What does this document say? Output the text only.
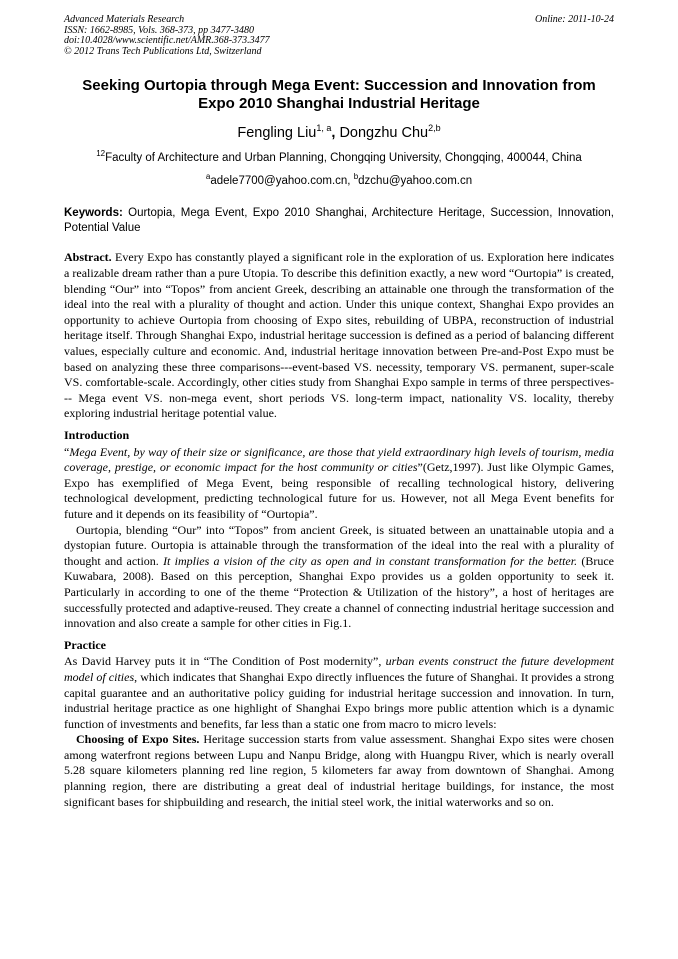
Advanced Materials Research
ISSN: 1662-8985, Vols. 368-373, pp 3477-3480
doi:10.4028/www.scientific.net/AMR.368-373.3477
© 2012 Trans Tech Publications Ltd, Switzerland
Online: 2011-10-24
Seeking Ourtopia through Mega Event: Succession and Innovation from Expo 2010 Shanghai Industrial Heritage
Fengling Liu$^{1, a}$, Dongzhu Chu$^{2,b}$
$^{12}$Faculty of Architecture and Urban Planning, Chongqing University, Chongqing, 400044, China
$^a$adele7700@yahoo.com.cn, $^b$dzchu@yahoo.com.cn
Keywords: Ourtopia, Mega Event, Expo 2010 Shanghai, Architecture Heritage, Succession, Innovation, Potential Value

Abstract. Every Expo has constantly played a significant role in the exploration of us. Exploration here indicates a realizable dream rather than a pure Utopia. To describe this definition exactly, a new word “Ourtopia” is created, blending “Our” into “Topos” from ancient Greek, describing an attainable one through the transformation of the ideal into the real with a plurality of thought and action. Under this unique context, Shanghai Expo provides an opportunity to achieve Ourtopia from choosing of Expo sites, rebuilding of UBPA, reconstruction of industrial heritage itself. Through Shanghai Expo, industrial heritage succession is defined as a period of balancing different values, especially culture and economic. And, industrial heritage innovation between Pre-and-Post Expo must be based on analyzing these three comparisons---event-based VS. necessity, temporary VS. permanent, super-scale VS. comfortable-scale. Accordingly, other cities study from Shanghai Expo sample in terms of three perspectives--- Mega event VS. non-mega event, short periods VS. long-term impact, nationality VS. locality, thereby exploring industrial heritage potential value.

Introduction

“Mega Event, by way of their size or significance, are those that yield extraordinary high levels of tourism, media coverage, prestige, or economic impact for the host community or cities”(Getz,1997). Just like Olympic Games, Expo has exemplified of Mega Event, being responsible of recalling technological history, delivering technological development, predicting technological future for us. However, not all Mega Event benefits for future and it depends on its feasibility of “Ourtopia”.

Ourtopia, blending “Our” into “Topos” from ancient Greek, is situated between an unattainable utopia and a dystopian future. Ourtopia is attainable through the transformation of the ideal into the real with a plurality of thought and action. It implies a vision of the city as open and in constant transformation for the better. (Bruce Kuwabara, 2008). Based on this perception, Shanghai Expo provides us a golden opportunity to seek it. Particularly in according to one of the theme “Protection & Utilization of the history”, a host of heritages are successfully protected and adaptive-reused. They create a channel of connecting industrial heritage succession and innovation and also create a sample for other cities in Fig.1.

Practice

As David Harvey puts it in “The Condition of Post modernity”, urban events construct the future development model of cities, which indicates that Shanghai Expo directly influences the future of Shanghai. It provides a strong capital guarantee and an authoritative policy guiding for industrial heritage succession and innovation. In turn, industrial heritage practice as one highlight of Shanghai Expo brings more public attention which is a dynamic function of investments and benefits, far less than a static one from macro to micro levels:

Choosing of Expo Sites. Heritage succession starts from value assessment. Shanghai Expo sites were chosen among waterfront regions between Lupu and Nanpu Bridge, along with Huangpu River, which is nearly overall 5.28 square kilometers planning red line region, 5 kilometers far away from downtown of Shanghai. Among planning region, there are distributing a great deal of industrial heritage buildings, for instance, the most significant bases for shipbuilding and research, the initial steel work, the initial waterworks and so on.
